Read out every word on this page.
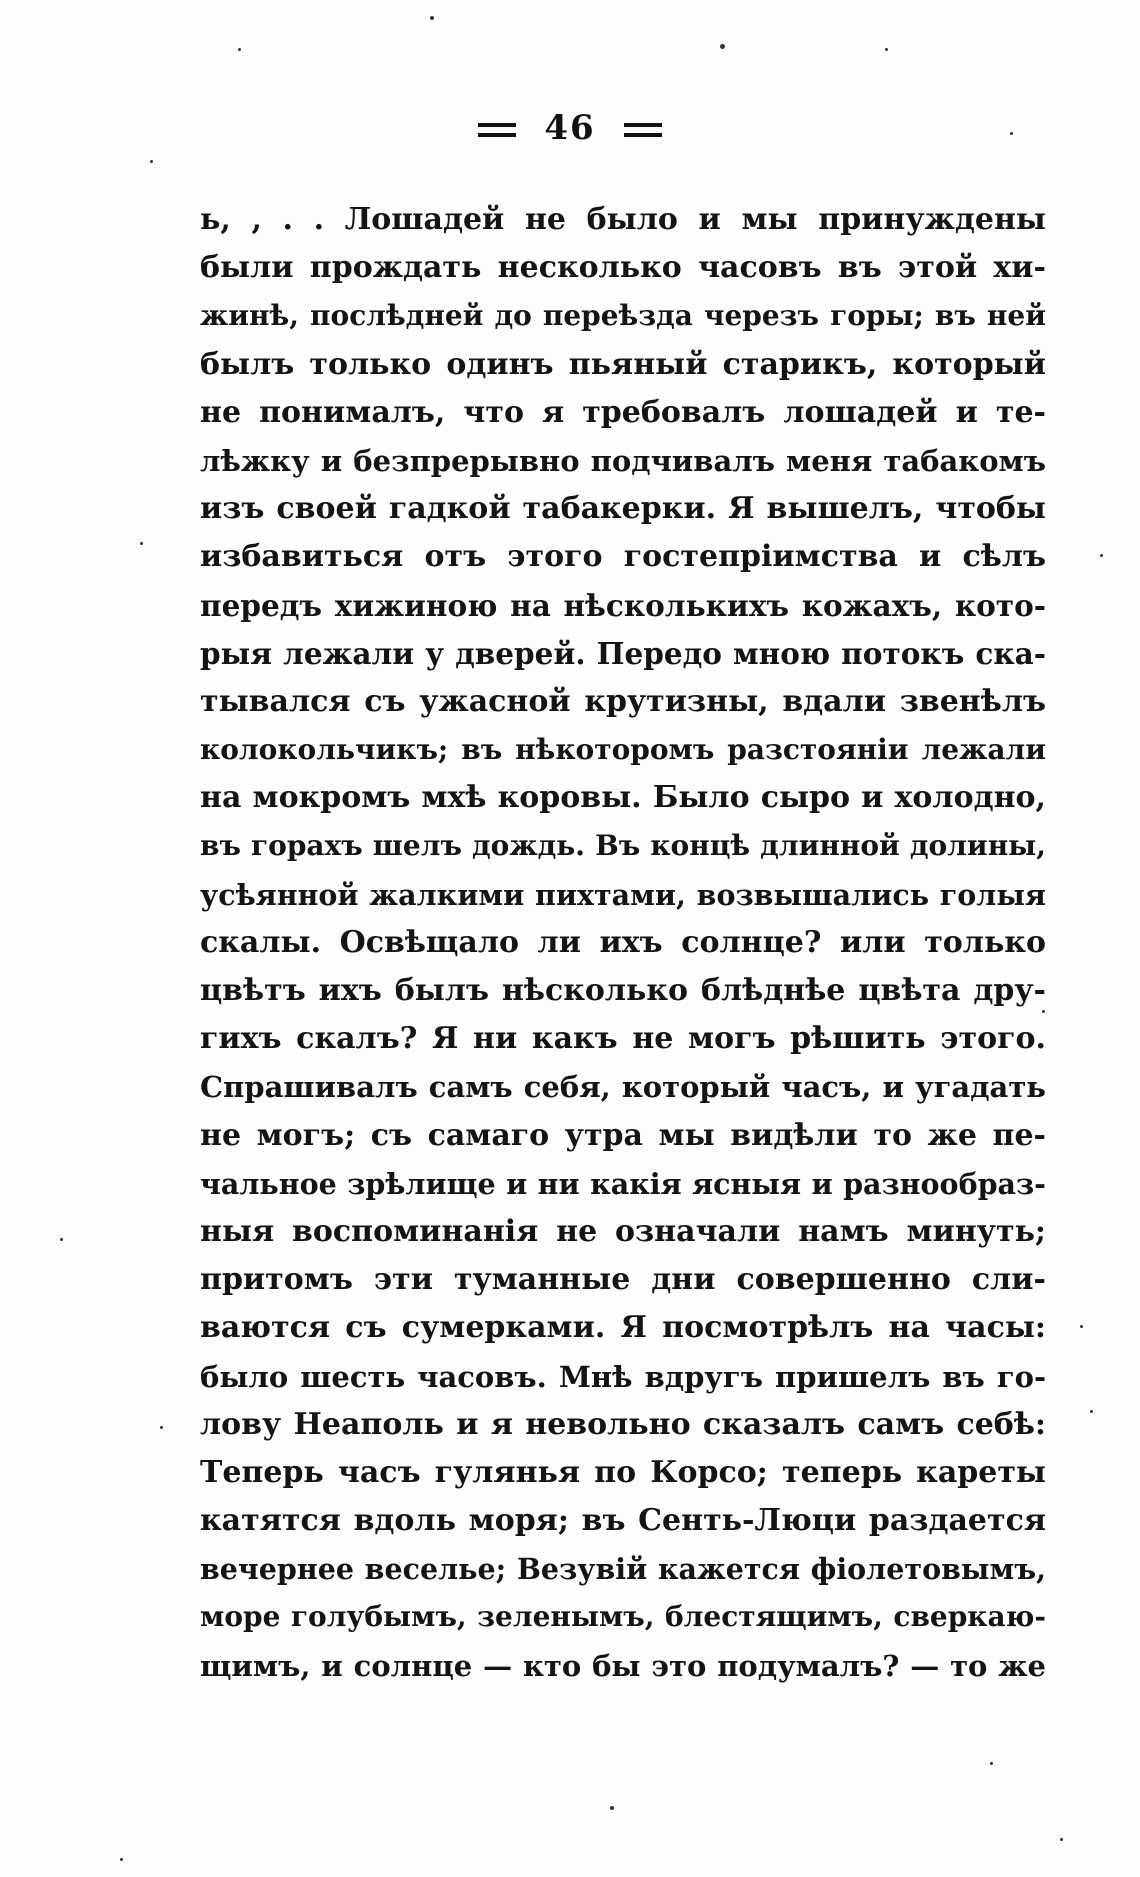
46
ь, , . . Лошадей не было и мы принуждены
были прождать несколько часовъ въ этой хи-
жинѣ, послѣдней до переѣзда черезъ горы; въ ней
былъ только одинъ пьяный старикъ, который
не понималъ, что я требовалъ лошадей и те-
лѣжку и безпрерывно подчивалъ меня табакомъ
изъ своей гадкой табакерки. Я вышелъ, чтобы
избавиться отъ этого гостепріимства и сѣлъ
передъ хижиною на нѣсколькихъ кожахъ, кото-
рыя лежали у дверей. Передо мною потокъ ска-
тывался съ ужасной крутизны, вдали звенѣлъ
колокольчикъ; въ нѣкоторомъ разстояніи лежали
на мокромъ мхѣ коровы. Было сыро и холодно,
въ горахъ шелъ дождь. Въ концѣ длинной долины,
усѣянной жалкими пихтами, возвышались голыя
скалы. Освѣщало ли ихъ солнце? или только
цвѣтъ ихъ былъ нѣсколько блѣднѣе цвѣта дру-
гихъ скалъ? Я ни какъ не могъ рѣшить этого.
Спрашивалъ самъ себя, который часъ, и угадать
не могъ; съ самаго утра мы видѣли то же пе-
чальное зрѣлище и ни какія ясныя и разнообраз-
ныя воспоминанія не означали намъ минуть;
притомъ эти туманные дни совершенно сли-
ваются съ сумерками. Я посмотрѣлъ на часы:
было шесть часовъ. Мнѣ вдругъ пришелъ въ го-
лову Неаполь и я невольно сказалъ самъ себѣ:
Теперь часъ гулянья по Корсо; теперь кареты
катятся вдоль моря; въ Сенть-Люци раздается
вечернее веселье; Везувій кажется фіолетовымъ,
море голубымъ, зеленымъ, блестящимъ, сверкаю-
щимъ, и солнце — кто бы это подумалъ? — то же
